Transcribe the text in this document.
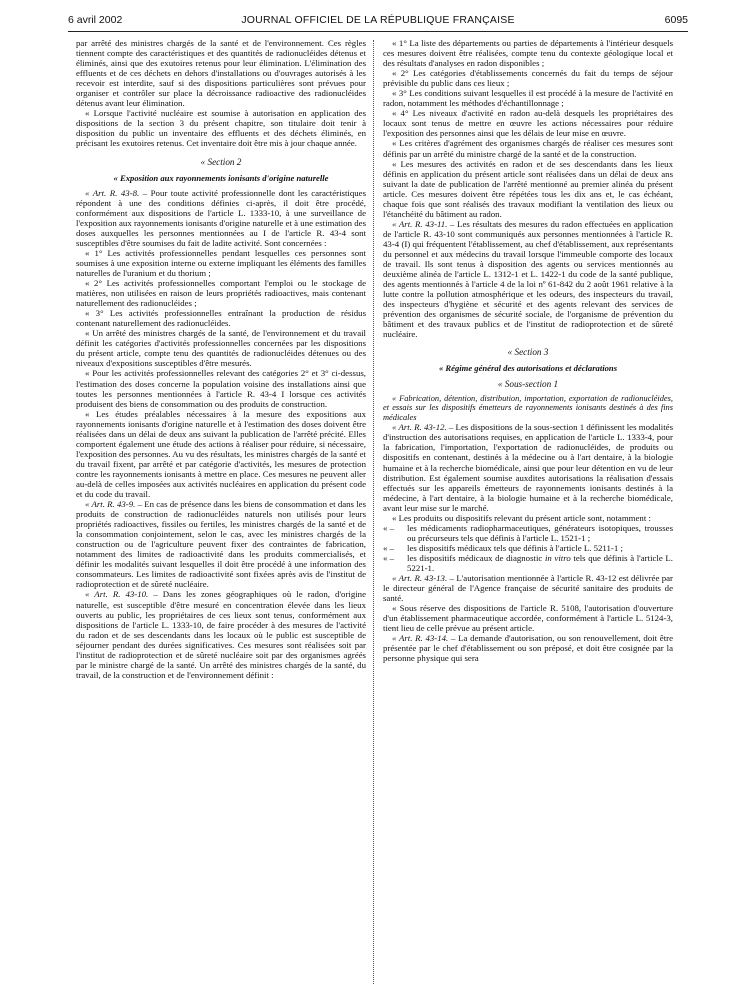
6 avril 2002	JOURNAL OFFICIEL DE LA RÉPUBLIQUE FRANÇAISE	6095

par arrêté des ministres chargés de la santé et de l'environnement. Ces règles tiennent compte des caractéristiques et des quantités de radionucléides détenus et éliminés, ainsi que des exutoires retenus pour leur élimination. L'élimination des effluents et de ces déchets en dehors d'installations ou d'ouvrages autorisés à les recevoir est interdite, sauf si des dispositions particulières sont prévues pour organiser et contrôler sur place la décroissance radioactive des radionucléides détenus avant leur élimination.

« Lorsque l'activité nucléaire est soumise à autorisation en application des dispositions de la section 3 du présent chapitre, son titulaire doit tenir à disposition du public un inventaire des effluents et des déchets éliminés, en précisant les exutoires retenus. Cet inventaire doit être mis à jour chaque année.

« Section 2
« Exposition aux rayonnements ionisants d'origine naturelle

« Art. R. 43-8. – Pour toute activité professionnelle dont les caractéristiques répondent à une des conditions définies ci-après, il doit être procédé, conformément aux dispositions de l'article L. 1333-10, à une surveillance de l'exposition aux rayonnements ionisants d'origine naturelle et à une estimation des doses auxquelles les personnes mentionnées au I de l'article R. 43-4 sont susceptibles d'être soumises du fait de ladite activité. Sont concernées :

« 1° Les activités professionnelles pendant lesquelles ces personnes sont soumises à une exposition interne ou externe impliquant les éléments des familles naturelles de l'uranium et du thorium ;

« 2° Les activités professionnelles comportant l'emploi ou le stockage de matières, non utilisées en raison de leurs propriétés radioactives, mais contenant naturellement des radionucléides ;

« 3° Les activités professionnelles entraînant la production de résidus contenant naturellement des radionucléides.

« Un arrêté des ministres chargés de la santé, de l'environnement et du travail définit les catégories d'activités professionnelles concernées par les dispositions du présent article, compte tenu des quantités de radionucléides détenues ou des niveaux d'expositions susceptibles d'être mesurés.

« Pour les activités professionnelles relevant des catégories 2° et 3° ci-dessus, l'estimation des doses concerne la population voisine des installations ainsi que toutes les personnes mentionnées à l'article R. 43-4 I lorsque ces activités produisent des biens de consommation ou des produits de construction.

« Les études préalables nécessaires à la mesure des expositions aux rayonnements ionisants d'origine naturelle et à l'estimation des doses doivent être réalisées dans un délai de deux ans suivant la publication de l'arrêté précité. Elles comportent également une étude des actions à réaliser pour réduire, si nécessaire, l'exposition des personnes. Au vu des résultats, les ministres chargés de la santé et du travail fixent, par arrêté et par catégorie d'activités, les mesures de protection contre les rayonnements ionisants à mettre en place. Ces mesures ne peuvent aller au-delà de celles imposées aux activités nucléaires en application du présent code et du code du travail.

« Art. R. 43-9. – En cas de présence dans les biens de consommation et dans les produits de construction de radionucléides naturels non utilisés pour leurs propriétés radioactives, fissiles ou fertiles, les ministres chargés de la santé et de la consommation conjointement, selon le cas, avec les ministres chargés de la construction ou de l'agriculture peuvent fixer des contraintes de fabrication, notamment des limites de radioactivité dans les produits commercialisés, et définir les modalités suivant lesquelles il doit être procédé à une information des consommateurs. Les limites de radioactivité sont fixées après avis de l'institut de radioprotection et de sûreté nucléaire.

« Art. R. 43-10. – Dans les zones géographiques où le radon, d'origine naturelle, est susceptible d'être mesuré en concentration élevée dans les lieux ouverts au public, les propriétaires de ces lieux sont tenus, conformément aux dispositions de l'article L. 1333-10, de faire procéder à des mesures de l'activité du radon et de ses descendants dans les locaux où le public est susceptible de séjourner pendant des durées significatives. Ces mesures sont réalisées soit par l'institut de radioprotection et de sûreté nucléaire soit par des organismes agréés par le ministre chargé de la santé. Un arrêté des ministres chargés de la santé, du travail, de la construction et de l'environnement définit :

« 1° La liste des départements ou parties de départements à l'intérieur desquels ces mesures doivent être réalisées, compte tenu du contexte géologique local et des résultats d'analyses en radon disponibles ;

« 2° Les catégories d'établissements concernés du fait du temps de séjour prévisible du public dans ces lieux ;

« 3° Les conditions suivant lesquelles il est procédé à la mesure de l'activité en radon, notamment les méthodes d'échantillonnage ;

« 4° Les niveaux d'activité en radon au-delà desquels les propriétaires des locaux sont tenus de mettre en œuvre les actions nécessaires pour réduire l'exposition des personnes ainsi que les délais de leur mise en œuvre.

« Les critères d'agrément des organismes chargés de réaliser ces mesures sont définis par un arrêté du ministre chargé de la santé et de la construction.

« Les mesures des activités en radon et de ses descendants dans les lieux définis en application du présent article sont réalisées dans un délai de deux ans suivant la date de publication de l'arrêté mentionné au premier alinéa du présent article. Ces mesures doivent être répétées tous les dix ans et, le cas échéant, chaque fois que sont réalisés des travaux modifiant la ventilation des lieux ou l'étanchéité du bâtiment au radon.

« Art. R. 43-11. – Les résultats des mesures du radon effectuées en application de l'article R. 43-10 sont communiqués aux personnes mentionnées à l'article R. 43-4 (I) qui fréquentent l'établissement, au chef d'établissement, aux représentants du personnel et aux médecins du travail lorsque l'immeuble comporte des locaux de travail. Ils sont tenus à disposition des agents ou services mentionnés au deuxième alinéa de l'article L. 1312-1 et L. 1422-1 du code de la santé publique, des agents mentionnés à l'article 4 de la loi nº 61-842 du 2 août 1961 relative à la lutte contre la pollution atmosphérique et les odeurs, des inspecteurs du travail, des inspecteurs d'hygiène et sécurité et des agents relevant des services de prévention des organismes de sécurité sociale, de l'organisme de prévention du bâtiment et des travaux publics et de l'institut de radioprotection et de sûreté nucléaire.

« Section 3
« Régime général des autorisations et déclarations
« Sous-section 1

« Fabrication, détention, distribution, importation, exportation de radionucléides, et essais sur les dispositifs émetteurs de rayonnements ionisants destinés à des fins médicales

« Art. R. 43-12. – Les dispositions de la sous-section 1 définissent les modalités d'instruction des autorisations requises, en application de l'article L. 1333-4, pour la fabrication, l'importation, l'exportation de radionucléides, de produits ou dispositifs en contenant, destinés à la médecine ou à l'art dentaire, à la biologie humaine et à la recherche biomédicale, ainsi que pour leur détention en vu de leur distribution. Est également soumise auxdites autorisations la réalisation d'essais effectués sur les appareils émetteurs de rayonnements ionisants destinés à la médecine, à l'art dentaire, à la biologie humaine et à la recherche biomédicale, avant leur mise sur le marché.

« Les produits ou dispositifs relevant du présent article sont, notamment :

« – les médicaments radiopharmaceutiques, générateurs isotopiques, trousses ou précurseurs tels que définis à l'article L. 1521-1 ;
« – les dispositifs médicaux tels que définis à l'article L. 5211-1 ;
« – les dispositifs médicaux de diagnostic in vitro tels que définis à l'article L. 5221-1.

« Art. R. 43-13. – L'autorisation mentionnée à l'article R. 43-12 est délivrée par le directeur général de l'Agence française de sécurité sanitaire des produits de santé.

« Sous réserve des dispositions de l'article R. 5108, l'autorisation d'ouverture d'un établissement pharmaceutique accordée, conformément à l'article L. 5124-3, tient lieu de celle prévue au présent article.

« Art. R. 43-14. – La demande d'autorisation, ou son renouvellement, doit être présentée par le chef d'établissement ou son préposé, et doit être cosignée par la personne physique qui sera
